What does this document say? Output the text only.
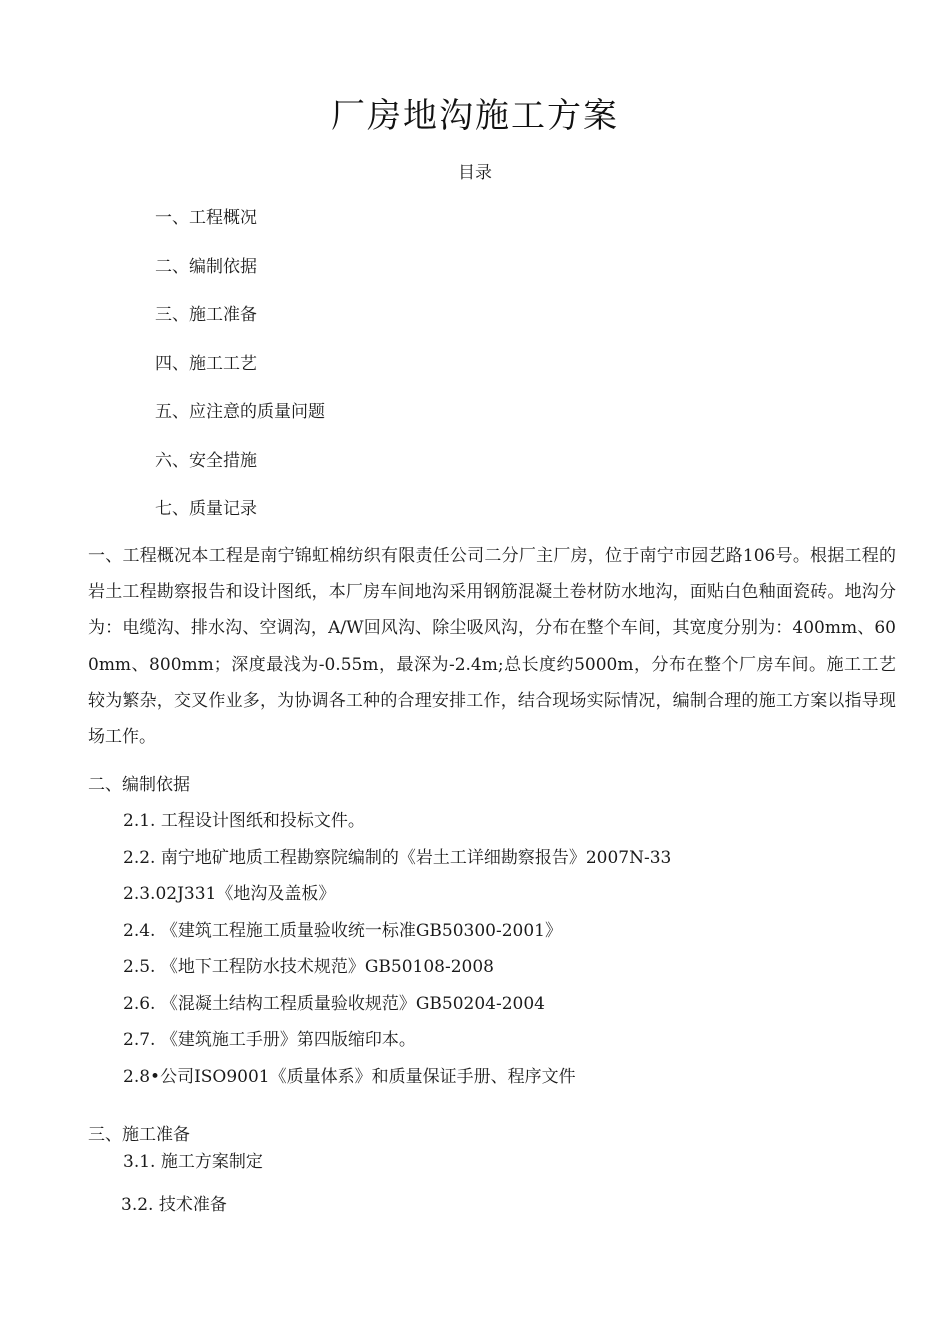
厂房地沟施工方案
目录
一、工程概况
二、编制依据
三、施工准备
四、施工工艺
五、应注意的质量问题
六、安全措施
七、质量记录

一、工程概况本工程是南宁锦虹棉纺织有限责任公司二分厂主厂房，位于南宁市园艺路106号。根据工程的岩土工程勘察报告和设计图纸，本厂房车间地沟采用钢筋混凝土卷材防水地沟，面贴白色釉面瓷砖。地沟分为：电缆沟、排水沟、空调沟，A/W回风沟、除尘吸风沟，分布在整个车间，其宽度分别为：400mm、600mm、800mm；深度最浅为-0.55m，最深为-2.4m;总长度约5000m，分布在整个厂房车间。施工工艺较为繁杂，交叉作业多，为协调各工种的合理安排工作，结合现场实际情况，编制合理的施工方案以指导现场工作。

二、编制依据
2.1. 工程设计图纸和投标文件。
2.2. 南宁地矿地质工程勘察院编制的《岩土工详细勘察报告》2007N-33
2.3.02J331《地沟及盖板》
2.4. 《建筑工程施工质量验收统一标准GB50300-2001》
2.5. 《地下工程防水技术规范》GB50108-2008
2.6. 《混凝土结构工程质量验收规范》GB50204-2004
2.7. 《建筑施工手册》第四版缩印本。
2.8•公司ISO9001《质量体系》和质量保证手册、程序文件
三、施工准备
3.1. 施工方案制定
3.2. 技术准备
